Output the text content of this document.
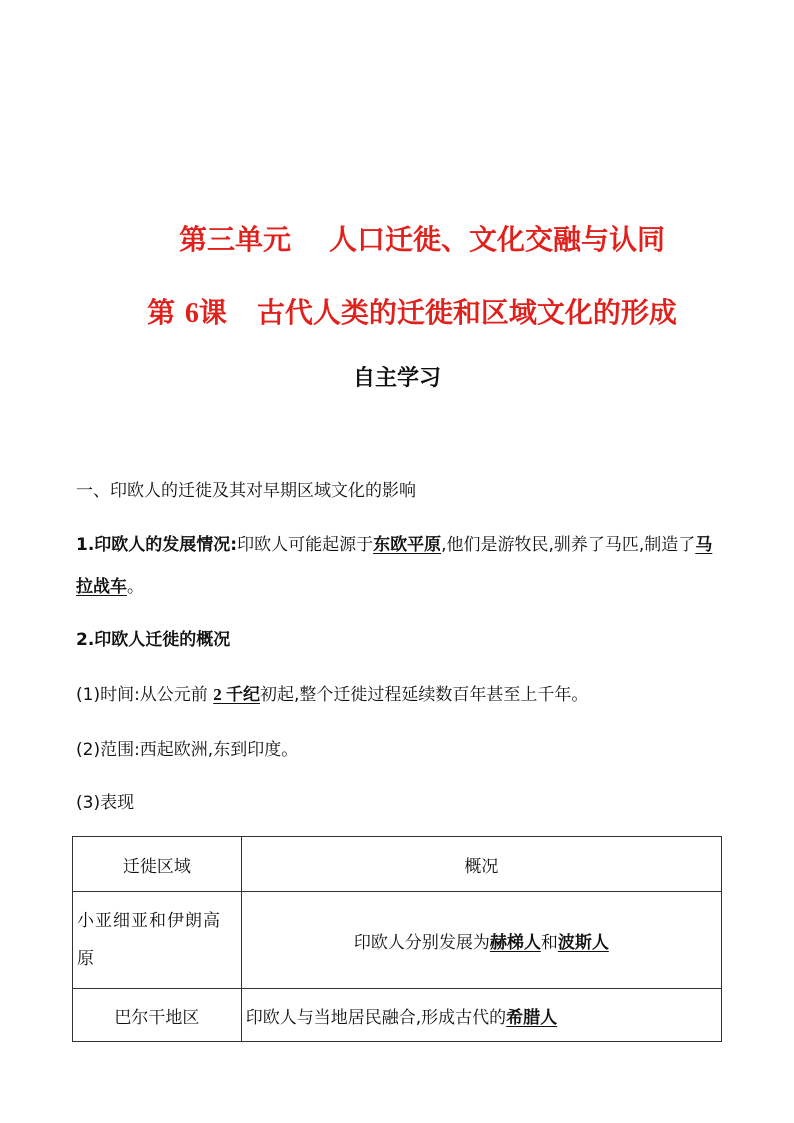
第三单元 人口迁徙、文化交融与认同
第 6课 古代人类的迁徙和区域文化的形成
自主学习
一、印欧人的迁徙及其对早期区域文化的影响
1.印欧人的发展情况:印欧人可能起源于东欧平原,他们是游牧民,驯养了马匹,制造了马拉战车。
2.印欧人迁徙的概况
(1)时间:从公元前 2 千纪初起,整个迁徙过程延续数百年甚至上千年。
(2)范围:西起欧洲,东到印度。
(3)表现
迁徙区域	概况
小亚细亚和伊朗高原	印欧人分别发展为赫梯人和波斯人
巴尔干地区	印欧人与当地居民融合,形成古代的希腊人
